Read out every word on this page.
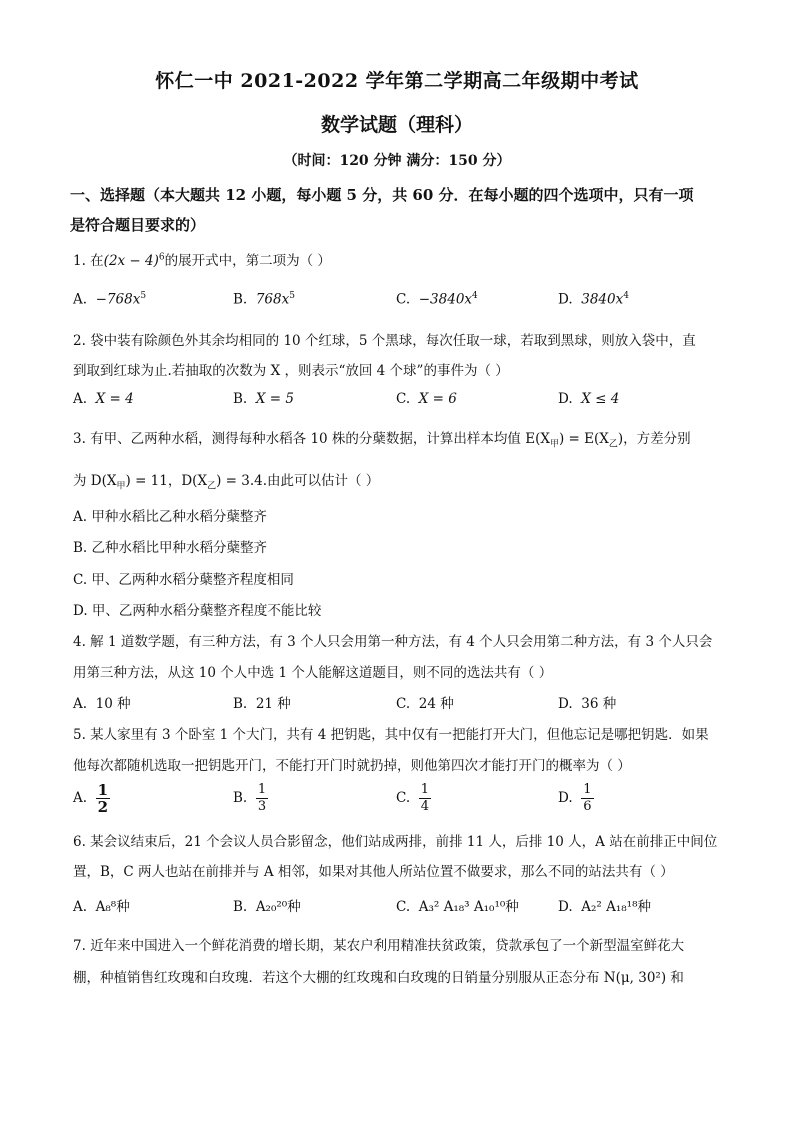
怀仁一中 2021-2022 学年第二学期高二年级期中考试
数学试题（理科）
（时间：120 分钟 满分：150 分）
一、选择题（本大题共 12 小题，每小题 5 分，共 60 分．在每小题的四个选项中，只有一项
是符合题目要求的）
1. 在$(2x - 4)^6$的展开式中，第二项为（ ）
A. $-768x^5$	B. $768x^5$	C. $-3840x^4$	D. $3840x^4$
2. 袋中装有除颜色外其余均相同的 10 个红球，5 个黑球，每次任取一球，若取到黑球，则放入袋中，直
到取到红球为止.若抽取的次数为 X ，则表示“放回 4 个球”的事件为（ ）
A. X = 4	B. X = 5	C. X = 6	D. X ≤ 4
3. 有甲、乙两种水稻，测得每种水稻各 10 株的分蘖数据，计算出样本均值 $E(X_甲) = E(X_乙)$，方差分别
为 $D(X_甲) = 11$，$D(X_乙) = 3.4$.由此可以估计（ ）
A. 甲种水稻比乙种水稻分蘖整齐
B. 乙种水稻比甲种水稻分蘖整齐
C. 甲、乙两种水稻分蘖整齐程度相同
D. 甲、乙两种水稻分蘖整齐程度不能比较
4. 解 1 道数学题，有三种方法，有 3 个人只会用第一种方法，有 4 个人只会用第二种方法，有 3 个人只会
用第三种方法，从这 10 个人中选 1 个人能解这道题目，则不同的选法共有（ ）
A. 10 种	B. 21 种	C. 24 种	D. 36 种
5. 某人家里有 3 个卧室 1 个大门，共有 4 把钥匙，其中仅有一把能打开大门，但他忘记是哪把钥匙．如果
他每次都随机选取一把钥匙开门，不能打开门时就扔掉，则他第四次才能打开门的概率为（ ）
A. $\frac{1}{2}$	B. $\frac{1}{3}$	C. $\frac{1}{4}$	D. $\frac{1}{6}$
6. 某会议结束后，21 个会议人员合影留念，他们站成两排，前排 11 人，后排 10 人，A 站在前排正中间位
置，B，C 两人也站在前排并与 A 相邻，如果对其他人所站位置不做要求，那么不同的站法共有（ ）
A. A₈⁸种	B. A₂₀²⁰种	C. A₃² A₁₈³ A₁₀¹⁰种	D. A₂² A₁₈¹⁸种
7. 近年来中国进入一个鲜花消费的增长期，某农户利用精准扶贫政策，贷款承包了一个新型温室鲜花大
棚，种植销售红玫瑰和白玫瑰．若这个大棚的红玫瑰和白玫瑰的日销量分别服从正态分布 N(μ, 30²) 和
